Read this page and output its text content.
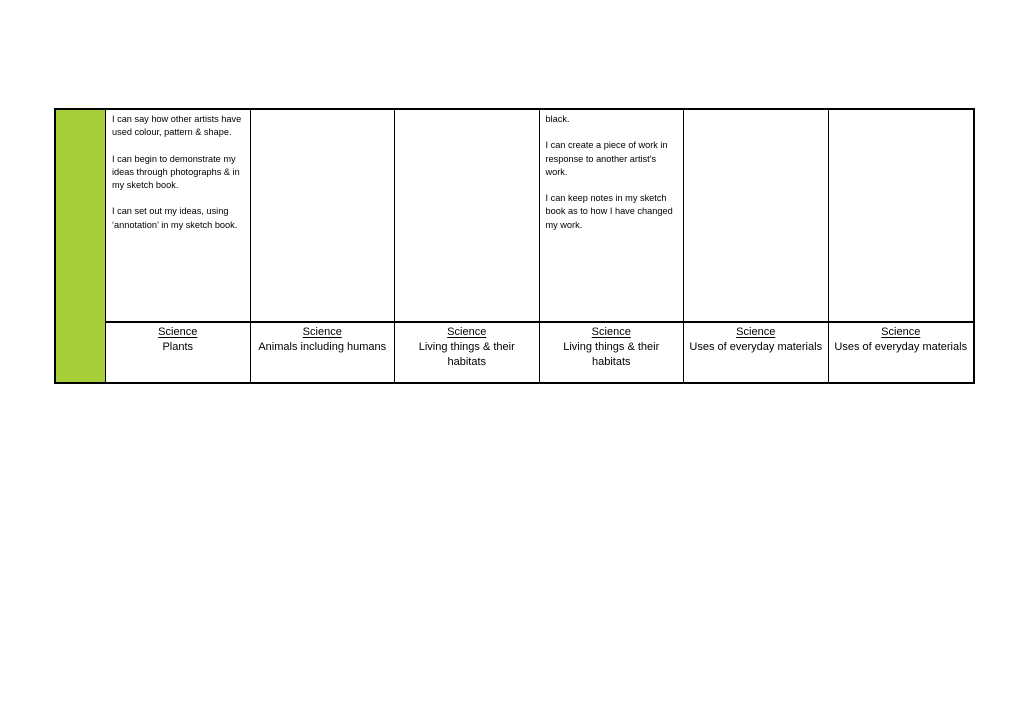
I can say how other artists have used colour, pattern & shape.

I can begin to demonstrate my ideas through photographs & in my sketch book.

I can set out my ideas, using ‘annotation’ in my sketch book.

black.

I can create a piece of work in response to another artist’s work.

I can keep notes in my sketch book as to how I have changed my work.

Science
Plants
Science
Animals including humans
Science
Living things & their habitats
Science
Living things & their habitats
Science
Uses of everyday materials
Science
Uses of everyday materials
